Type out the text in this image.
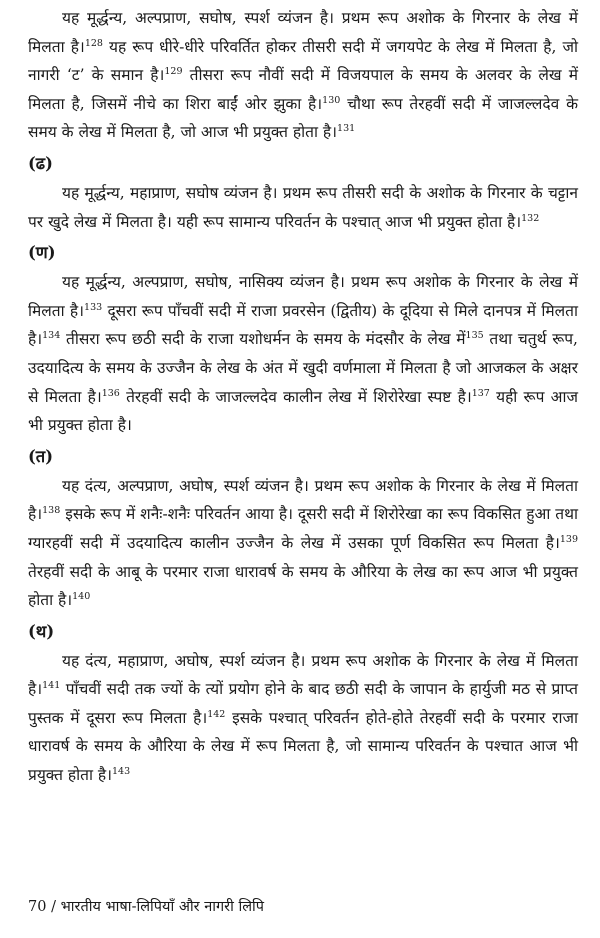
यह मूर्द्धन्य, अल्पप्राण, सघोष, स्पर्श व्यंजन है। प्रथम रूप अशोक के गिरनार के लेख में मिलता है।$^{128}$ यह रूप धीरे-धीरे परिवर्तित होकर तीसरी सदी में जगयपेट के लेख में मिलता है, जो नागरी ‘ट’ के समान है।$^{129}$ तीसरा रूप नौवीं सदी में विजयपाल के समय के अलवर के लेख में मिलता है, जिसमें नीचे का शिरा बाईं ओर झुका है।$^{130}$ चौथा रूप तेरहवीं सदी में जाजल्लदेव के समय के लेख में मिलता है, जो आज भी प्रयुक्त होता है।$^{131}$

(ढ)

यह मूर्द्धन्य, महाप्राण, सघोष व्यंजन है। प्रथम रूप तीसरी सदी के अशोक के गिरनार के चट्टान पर खुदे लेख में मिलता है। यही रूप सामान्य परिवर्तन के पश्चात् आज भी प्रयुक्त होता है।$^{132}$

(ण)

यह मूर्द्धन्य, अल्पप्राण, सघोष, नासिक्य व्यंजन है। प्रथम रूप अशोक के गिरनार के लेख में मिलता है।$^{133}$ दूसरा रूप पाँचवीं सदी में राजा प्रवरसेन (द्वितीय) के दूदिया से मिले दानपत्र में मिलता है।$^{134}$ तीसरा रूप छठी सदी के राजा यशोधर्मन के समय के मंदसौर के लेख में$^{135}$ तथा चतुर्थ रूप, उदयादित्य के समय के उज्जैन के लेख के अंत में खुदी वर्णमाला में मिलता है जो आजकल के अक्षर से मिलता है।$^{136}$ तेरहवीं सदी के जाजल्लदेव कालीन लेख में शिरोरेखा स्पष्ट है।$^{137}$ यही रूप आज भी प्रयुक्त होता है।

(त)

यह दंत्य, अल्पप्राण, अघोष, स्पर्श व्यंजन है। प्रथम रूप अशोक के गिरनार के लेख में मिलता है।$^{138}$ इसके रूप में शनैः-शनैः परिवर्तन आया है। दूसरी सदी में शिरोरेखा का रूप विकसित हुआ तथा ग्यारहवीं सदी में उदयादित्य कालीन उज्जैन के लेख में उसका पूर्ण विकसित रूप मिलता है।$^{139}$ तेरहवीं सदी के आबू के परमार राजा धारावर्ष के समय के औरिया के लेख का रूप आज भी प्रयुक्त होता है।$^{140}$

(थ)

यह दंत्य, महाप्राण, अघोष, स्पर्श व्यंजन है। प्रथम रूप अशोक के गिरनार के लेख में मिलता है।$^{141}$ पाँचवीं सदी तक ज्यों के त्यों प्रयोग होने के बाद छठी सदी के जापान के हार्युजी मठ से प्राप्त पुस्तक में दूसरा रूप मिलता है।$^{142}$ इसके पश्चात् परिवर्तन होते-होते तेरहवीं सदी के परमार राजा धारावर्ष के समय के औरिया के लेख में रूप मिलता है, जो सामान्य परिवर्तन के पश्चात आज भी प्रयुक्त होता है।$^{143}$

70 / भारतीय भाषा-लिपियाँ और नागरी लिपि
